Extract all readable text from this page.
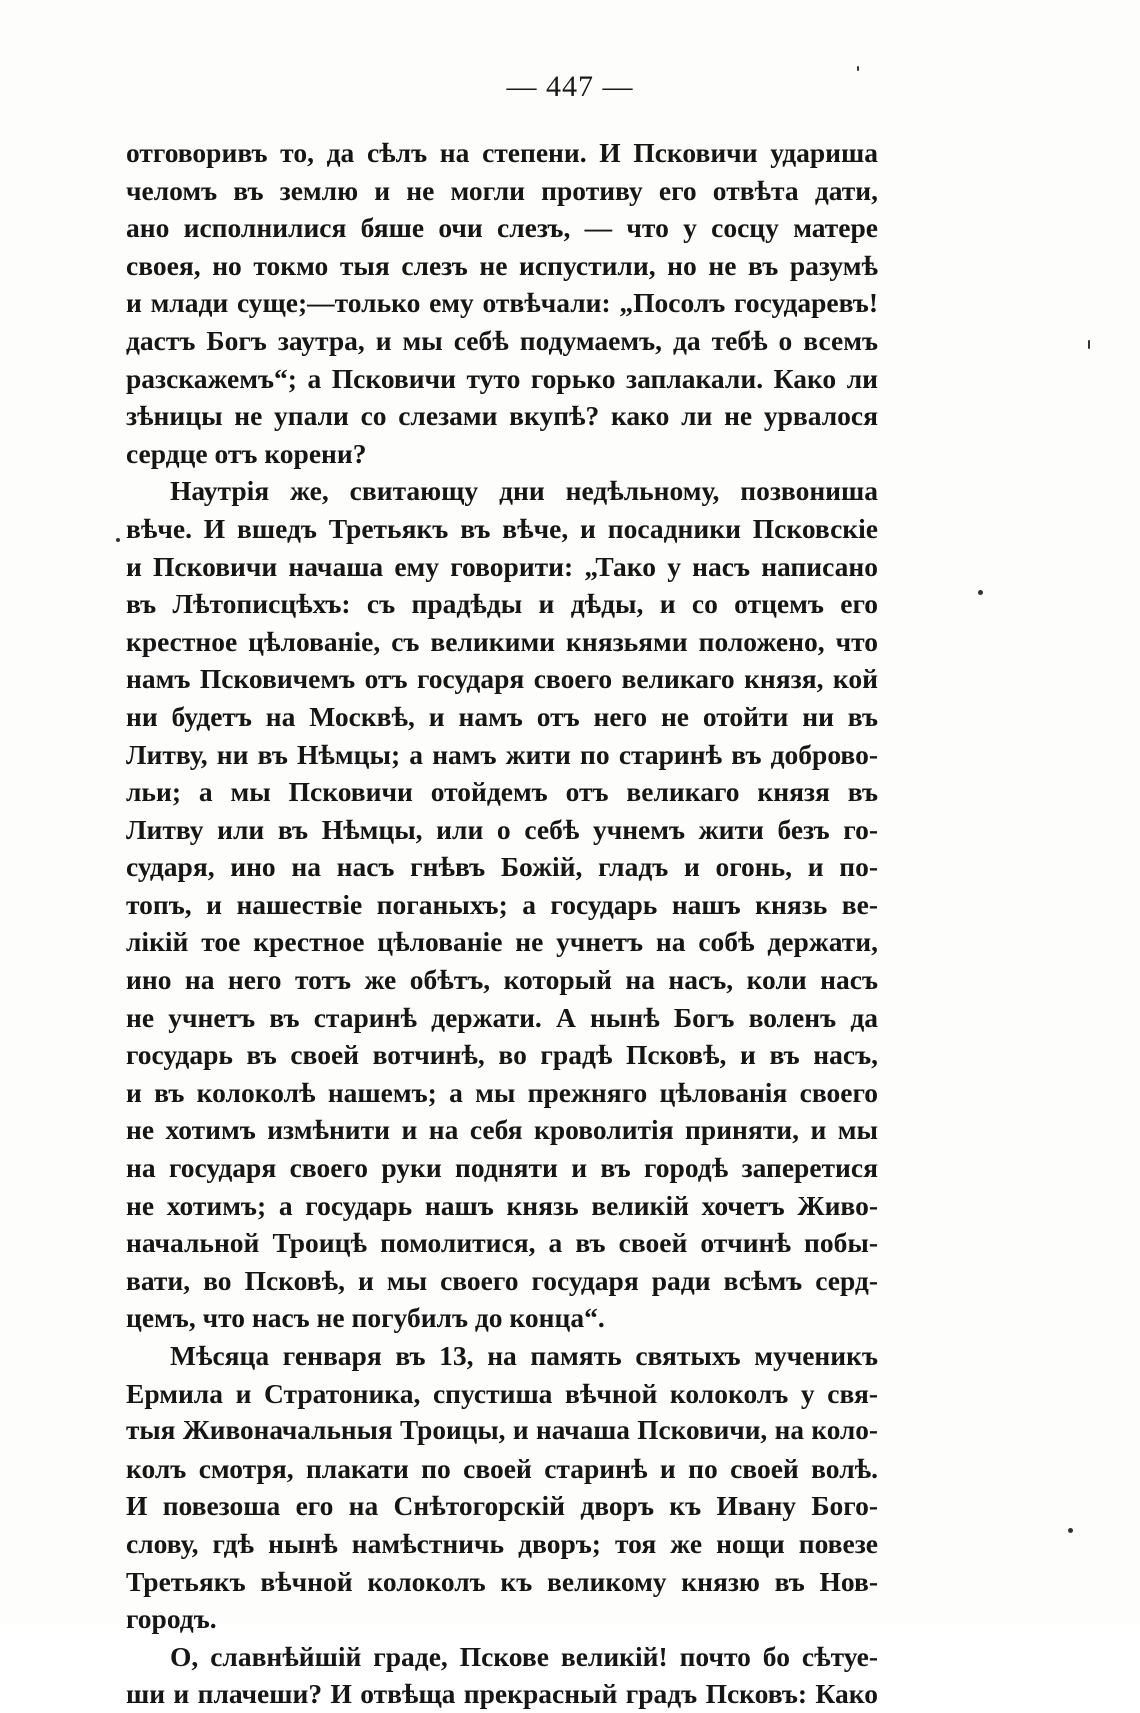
— 447 —
отговоривъ то, да сѣлъ на степени. И Псковичи удариша
челомъ въ землю и не могли противу его отвѣта дати,
ано исполнилися бяше очи слезъ, — что у сосцу матере
своея, но токмо тыя слезъ не испустили, но не въ разумѣ
и млади суще;—только ему отвѣчали: „Посолъ государевъ!
дастъ Богъ заутра, и мы себѣ подумаемъ, да тебѣ о всемъ
разскажемъ“; а Псковичи туто горько заплакали. Како ли
зѣницы не упали со слезами вкупѣ? како ли не урвалося
сердце отъ корени?
Наутрія же, свитающу дни недѣльному, позвониша
вѣче. И вшедъ Третьякъ въ вѣче, и посадники Псковскіе
и Псковичи начаша ему говорити: „Тако у насъ написано
въ Лѣтописцѣхъ: съ прадѣды и дѣды, и со отцемъ его
крестное цѣлованіе, съ великими князьями положено, что
намъ Псковичемъ отъ государя своего великаго князя, кой
ни будетъ на Москвѣ, и намъ отъ него не отойти ни въ
Литву, ни въ Нѣмцы; а намъ жити по старинѣ въ доброво-
льи; а мы Псковичи отойдемъ отъ великаго князя въ
Литву или въ Нѣмцы, или о себѣ учнемъ жити безъ го-
сударя, ино на насъ гнѣвъ Божій, гладъ и огонь, и по-
топъ, и нашествіе поганыхъ; а государь нашъ князь ве-
лікій тое крестное цѣлованіе не учнетъ на собѣ держати,
ино на него тотъ же обѣтъ, который на насъ, коли насъ
не учнетъ въ старинѣ держати. А нынѣ Богъ воленъ да
государь въ своей вотчинѣ, во градѣ Псковѣ, и въ насъ,
и въ колоколѣ нашемъ; а мы прежняго цѣлованія своего
не хотимъ измѣнити и на себя кроволитія приняти, и мы
на государя своего руки подняти и въ городѣ заперетися
не хотимъ; а государь нашъ князь великій хочетъ Живо-
начальной Троицѣ помолитися, а въ своей отчинѣ побы-
вати, во Псковѣ, и мы своего государя ради всѣмъ серд-
цемъ, что насъ не погубилъ до конца“.
Мѣсяца генваря въ 13, на память святыхъ мученикъ
Ермила и Стратоника, спустиша вѣчной колоколъ у свя-
тыя Живоначальныя Троицы, и начаша Псковичи, на коло-
колъ смотря, плакати по своей старинѣ и по своей волѣ.
И повезоша его на Снѣтогорскій дворъ къ Ивану Бого-
слову, гдѣ нынѣ намѣстничь дворъ; тоя же нощи повезе
Третьякъ вѣчной колоколъ къ великому князю въ Нов-
городъ.
О, славнѣйшій граде, Пскове великій! почто бо сѣтуе-
ши и плачеши? И отвѣща прекрасный градъ Псковъ: Како
